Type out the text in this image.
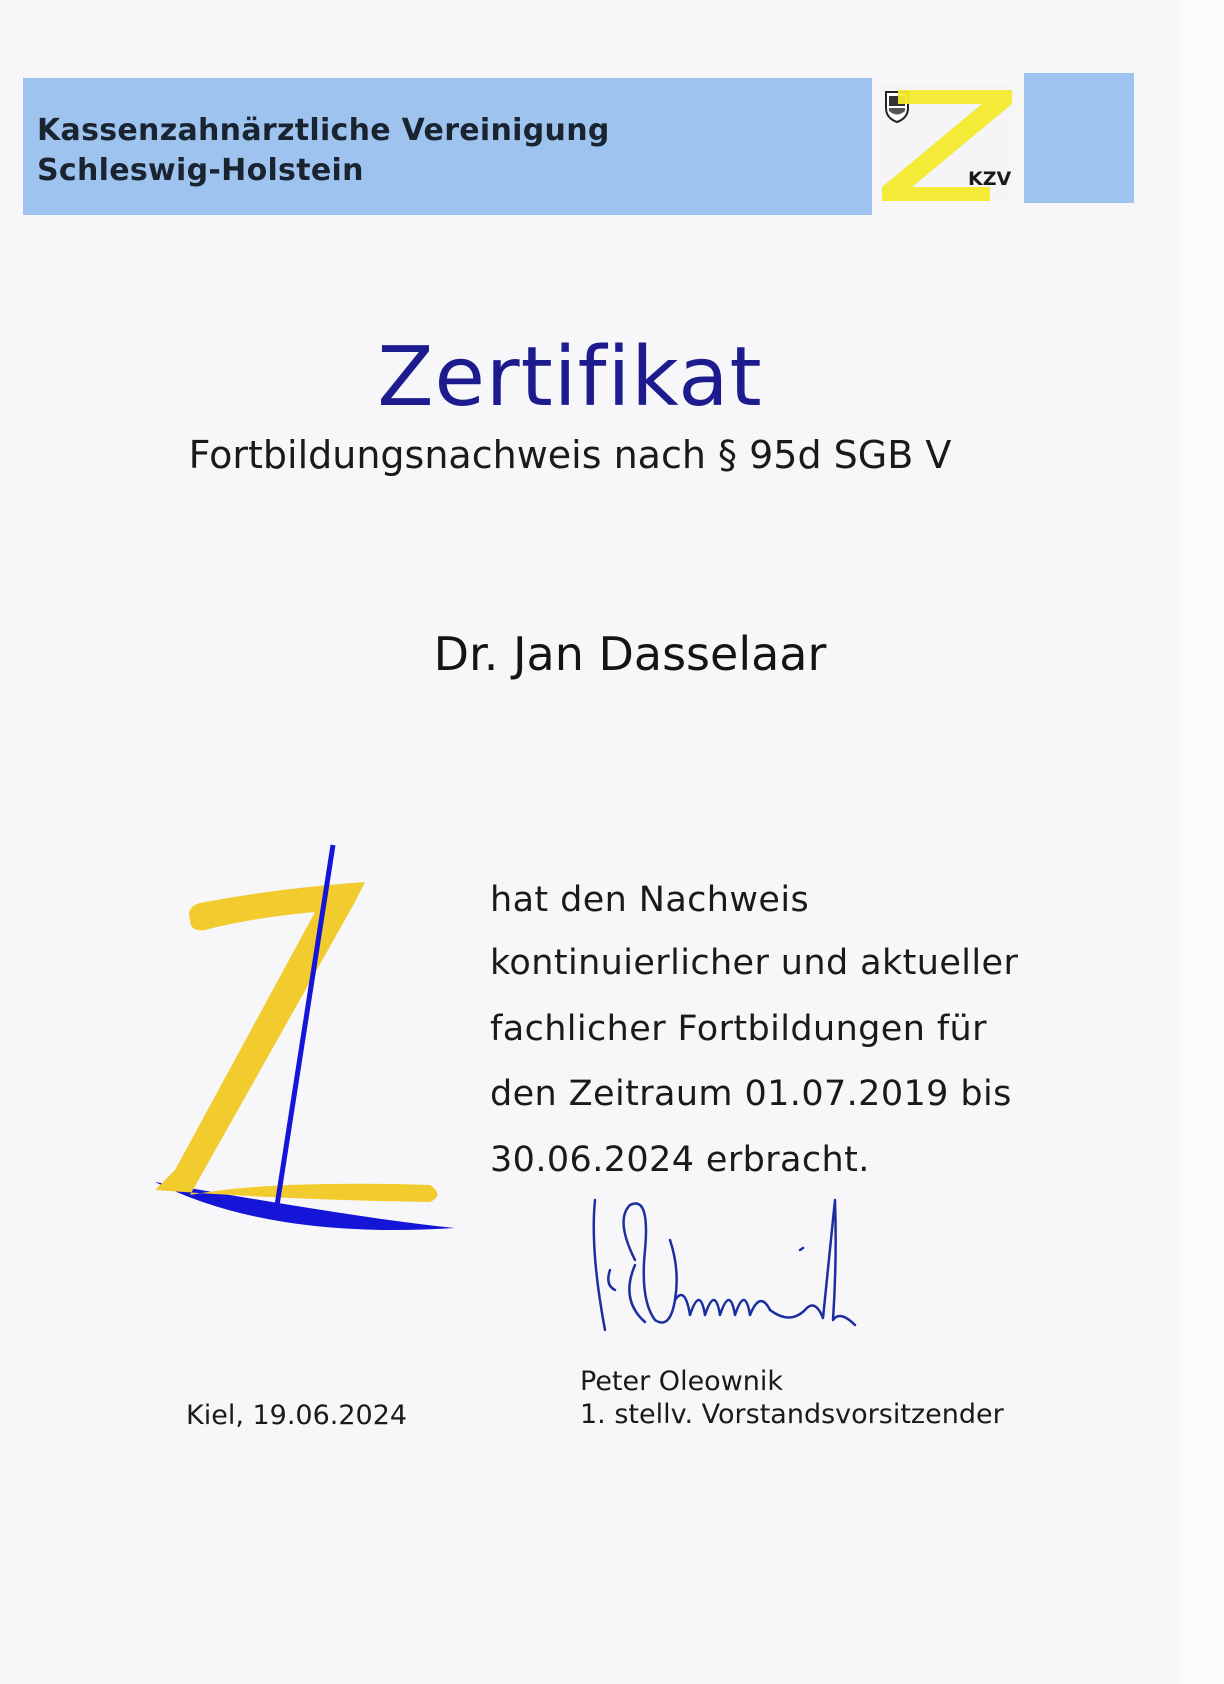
Kassenzahnärztliche Vereinigung
Schleswig-Holstein	KZV
Zertifikat
Fortbildungsnachweis nach § 95d SGB V
Dr. Jan Dasselaar
hat den Nachweis
kontinuierlicher und aktueller
fachlicher Fortbildungen für
den Zeitraum 01.07.2019 bis
30.06.2024 erbracht.
Kiel, 19.06.2024
Peter Oleownik
1. stellv. Vorstandsvorsitzender
